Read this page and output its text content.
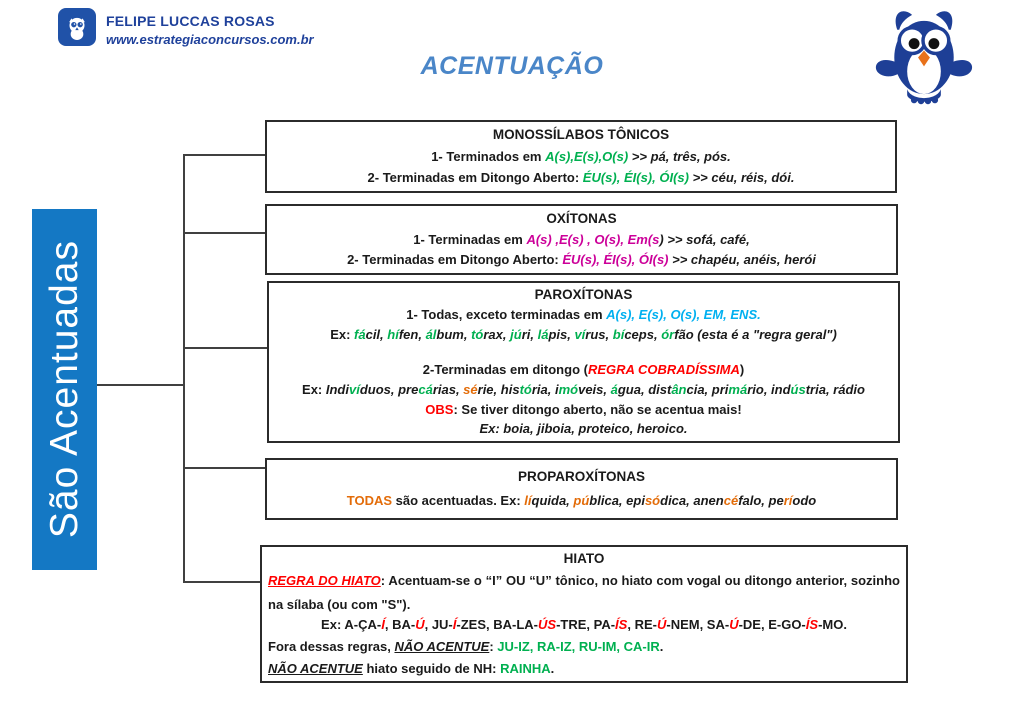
FELIPE LUCCAS ROSAS
www.estrategiaconcursos.com.br
ACENTUAÇÃO
São Acentuadas
MONOSSÍLABOS TÔNICOS
1- Terminados em A(s),E(s),O(s) >> pá, três, pós.
2- Terminadas em Ditongo Aberto: ÉU(s), ÉI(s), ÓI(s) >> céu, réis, dói.
OXÍTONAS
1- Terminadas em A(s) ,E(s) , O(s), Em(s) >> sofá, café,
2- Terminadas em Ditongo Aberto: ÉU(s), ÉI(s), ÓI(s) >> chapéu, anéis, herói
PAROXÍTONAS
1- Todas, exceto terminadas em A(s), E(s), O(s), EM, ENS.
Ex: fácil, hífen, álbum, tórax, júri, lápis, vírus, bíceps, órfão (esta é a "regra geral")
2-Terminadas em ditongo (REGRA COBRADÍSSIMA)
Ex: Indivíduos, precárias, série, história, imóveis, água, distância, primário, indústria, rádio
OBS: Se tiver ditongo aberto, não se acentua mais!
Ex: boia, jiboia, proteico, heroico.
PROPAROXÍTONAS
TODAS são acentuadas. Ex: líquida, pública, episódica, anencéfalo, período
HIATO
REGRA DO HIATO: Acentuam-se o “I” OU “U” tônico, no hiato com vogal ou ditongo anterior, sozinho na sílaba (ou com "S").
Ex: A-ÇA-Í, BA-Ú, JU-Í-ZES, BA-LA-ÚS-TRE, PA-ÍS, RE-Ú-NEM, SA-Ú-DE, E-GO-ÍS-MO.
Fora dessas regras, NÃO ACENTUE: JU-IZ, RA-IZ, RU-IM, CA-IR.
NÃO ACENTUE hiato seguido de NH: RAINHA.
